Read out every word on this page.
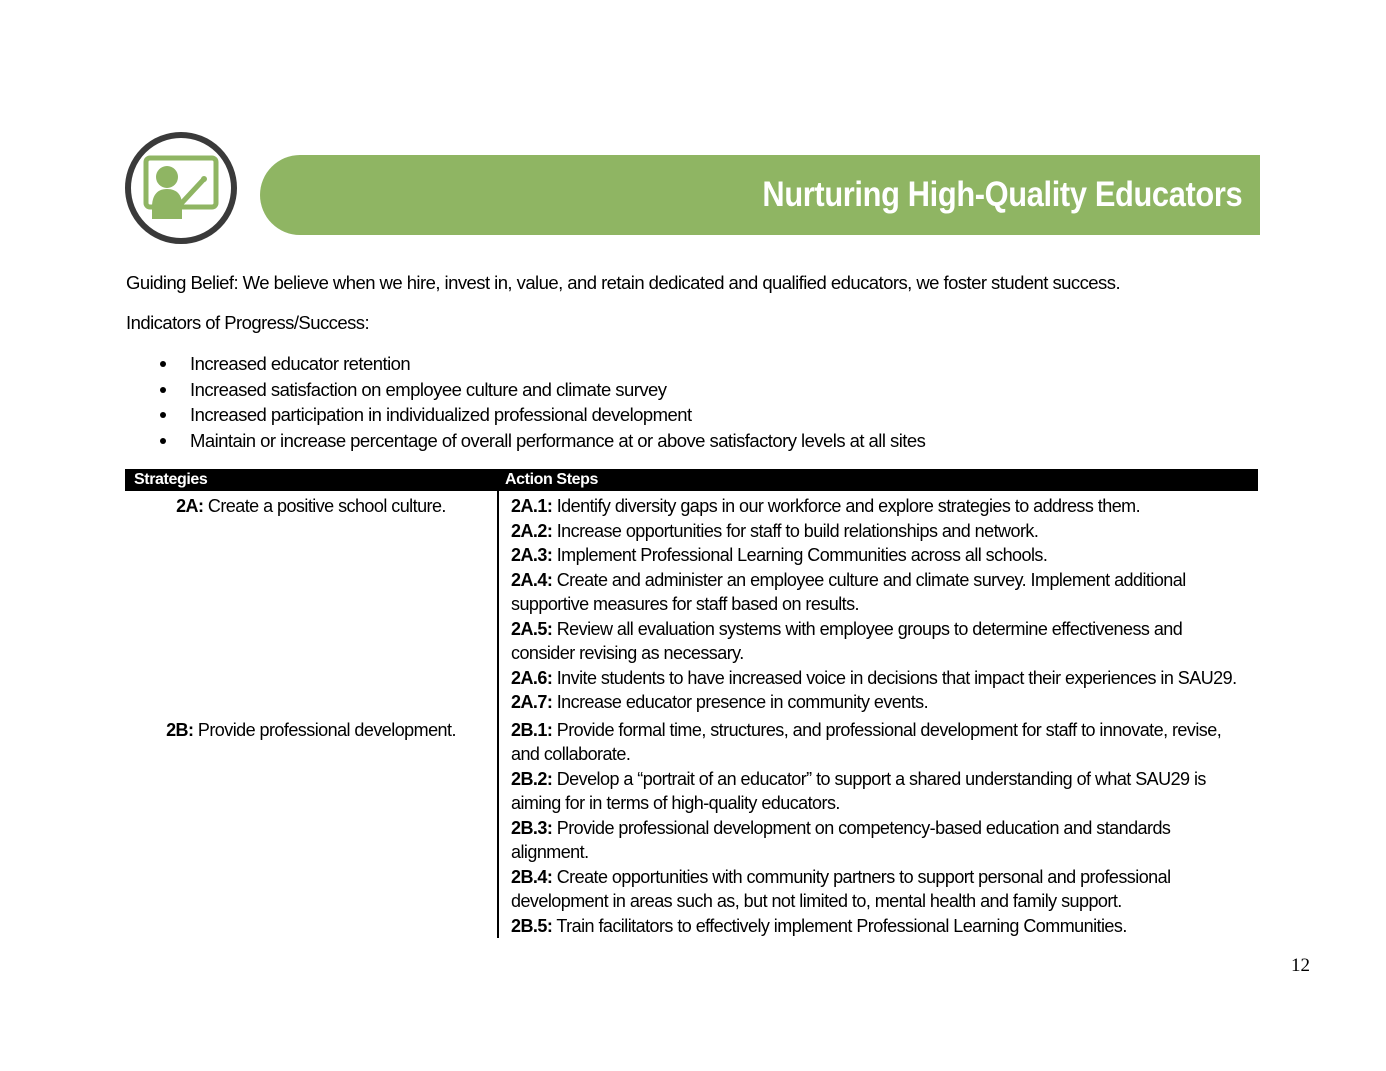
Nurturing High-Quality Educators
Guiding Belief: We believe when we hire, invest in, value, and retain dedicated and qualified educators, we foster student success.
Indicators of Progress/Success:
Increased educator retention
Increased satisfaction on employee culture and climate survey
Increased participation in individualized professional development
Maintain or increase percentage of overall performance at or above satisfactory levels at all sites
Strategies	Action Steps
2A: Create a positive school culture.	2A.1: Identify diversity gaps in our workforce and explore strategies to address them.

2A.2: Increase opportunities for staff to build relationships and network.

2A.3: Implement Professional Learning Communities across all schools.

2A.4: Create and administer an employee culture and climate survey. Implement additional supportive measures for staff based on results.

2A.5: Review all evaluation systems with employee groups to determine effectiveness and consider revising as necessary.

2A.6: Invite students to have increased voice in decisions that impact their experiences in SAU29.

2A.7: Increase educator presence in community events.

2B: Provide professional development.	2B.1: Provide formal time, structures, and professional development for staff to innovate, revise, and collaborate.

2B.2: Develop a “portrait of an educator” to support a shared understanding of what SAU29 is aiming for in terms of high-quality educators.

2B.3: Provide professional development on competency-based education and standards alignment.

2B.4: Create opportunities with community partners to support personal and professional development in areas such as, but not limited to, mental health and family support.

2B.5: Train facilitators to effectively implement Professional Learning Communities.

12
